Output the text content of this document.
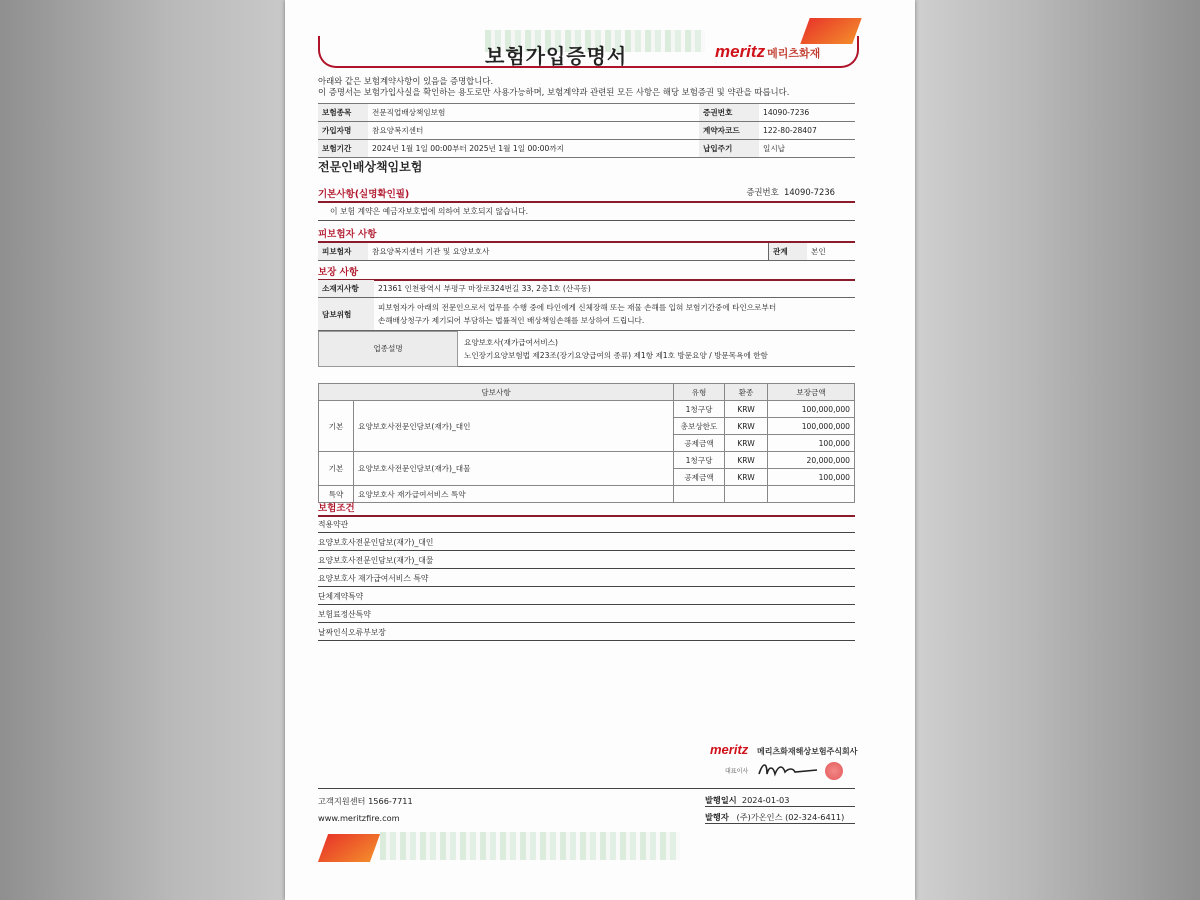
보험가입증명서	meritz 메리츠화재
아래와 같은 보험계약사항이 있음을 증명합니다.
이 증명서는 보험가입사실을 확인하는 용도로만 사용가능하며, 보험계약과 관련된 모든 사항은 해당 보험증권 및 약관을 따릅니다.
보험종목	전문직업배상책임보험	증권번호	14090-7236
가입자명	참요양복지센터	계약자코드	122-80-28407
보험기간	2024년 1월 1일 00:00부터 2025년 1월 1일 00:00까지	납입주기	일시납
전문인배상책임보험
기본사항(실명확인필)	증권번호 14090-7236
이 보험 계약은 예금자보호법에 의하여 보호되지 않습니다.
피보험자 사항
피보험자	참요양복지센터 기관 및 요양보호사	관계	본인
보장 사항
소재지사항	21361 인천광역시 부평구 마장로324번길 33, 2층1호 (산곡동)
담보위험	피보험자가 아래의 전문인으로서 업무를 수행 중에 타인에게 신체장해 또는 재물 손해를 입혀 보험기간중에 타인으로부터
손해배상청구가 제기되어 부담하는 법률적인 배상책임손해를 보상하여 드립니다.
업종설명	
요양보호사(재가급여서비스)
노인장기요양보험법 제23조(장기요양급여의 종류) 제1항 제1호 방문요양 / 방문목욕에 한함
담보사항		유형	환종	보장금액
기본	요양보호사전문인담보(재가)_대인	1청구당	KRW	100,000,000
		총보상한도	KRW	100,000,000
		공제금액	KRW	100,000
기본	요양보호사전문인담보(재가)_대물	1청구당	KRW	20,000,000
		공제금액	KRW	100,000
특약	요양보호사 재가급여서비스 특약			
보험조건
적용약관
요양보호사전문인담보(재가)_대인
요양보호사전문인담보(재가)_대물
요양보호사 재가급여서비스 특약
단체계약특약
보험료정산특약
날짜인식오류부보장
meritz 메리츠화재해상보험주식회사
대표이사
고객지원센터 1566-7711
www.meritzfire.com
발행일시 2024-01-03
발행자 (주)가온인스 (02-324-6411)
